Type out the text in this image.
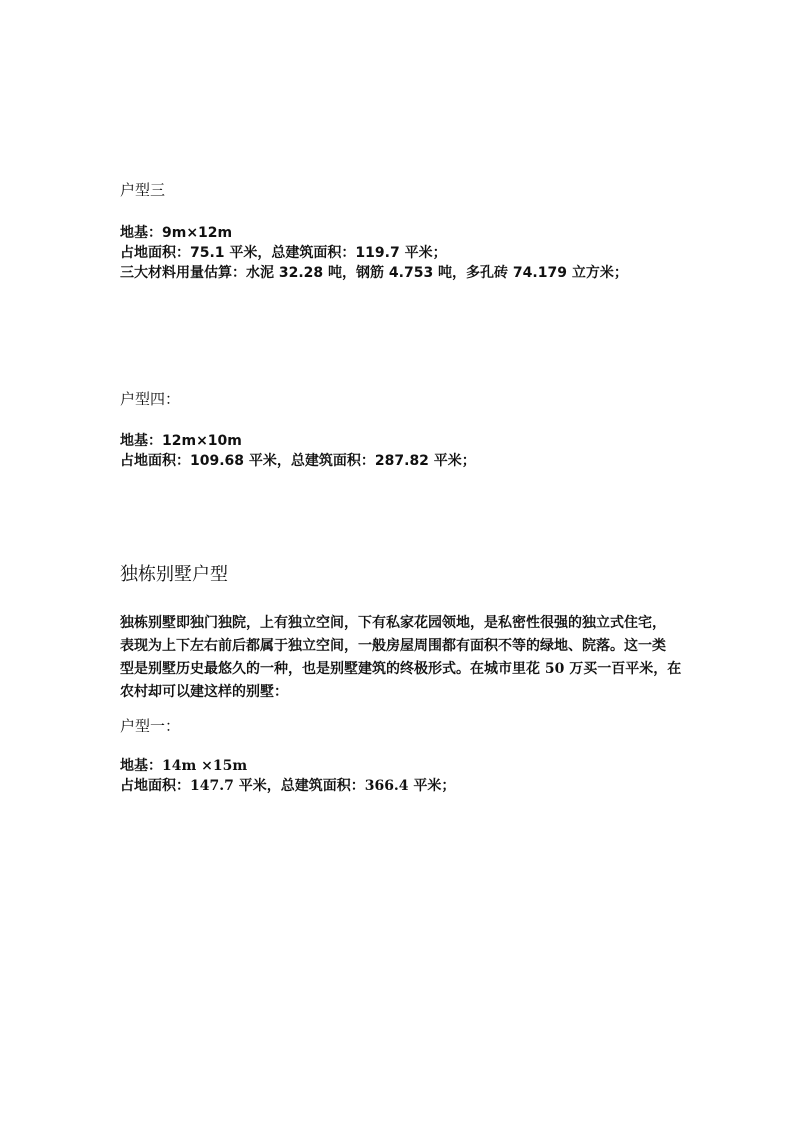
户型三
地基：9m×12m
占地面积：75.1 平米，总建筑面积：119.7 平米；
三大材料用量估算：水泥 32.28 吨，钢筋 4.753 吨，多孔砖 74.179 立方米；
户型四：
地基：12m×10m
占地面积：109.68 平米，总建筑面积：287.82 平米；
独栋别墅户型
独栋别墅即独门独院，上有独立空间，下有私家花园领地，是私密性很强的独立式住宅，
表现为上下左右前后都属于独立空间，一般房屋周围都有面积不等的绿地、院落。这一类
型是别墅历史最悠久的一种，也是别墅建筑的终极形式。在城市里花 50 万买一百平米，在
农村却可以建这样的别墅：
户型一：
地基：14m ×15m
占地面积：147.7 平米，总建筑面积：366.4 平米；
